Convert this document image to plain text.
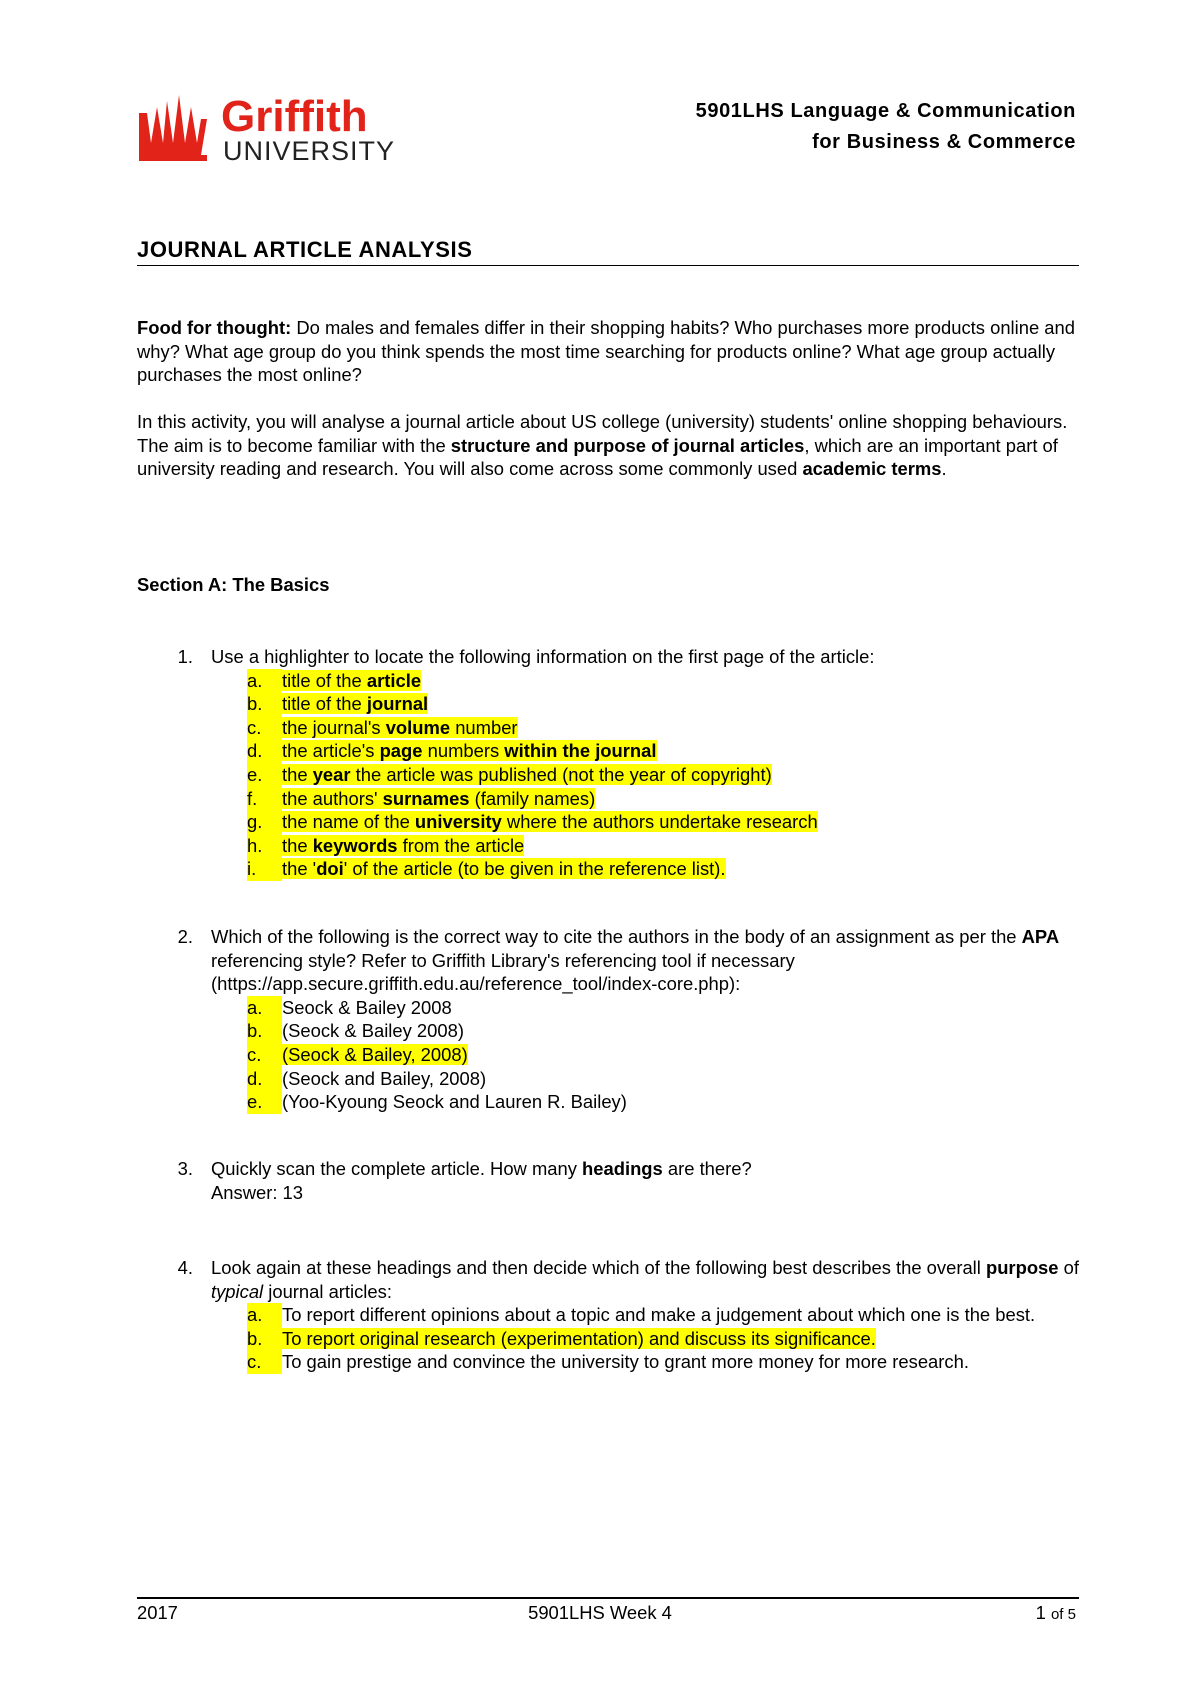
Griffith
UNIVERSITY
5901LHS Language & Communication
for Business & Commerce
JOURNAL ARTICLE ANALYSIS
Food for thought: Do males and females differ in their shopping habits? Who purchases more products online and why? What age group do you think spends the most time searching for products online? What age group actually purchases the most online?
In this activity, you will analyse a journal article about US college (university) students' online shopping behaviours. The aim is to become familiar with the structure and purpose of journal articles, which are an important part of university reading and research. You will also come across some commonly used academic terms.
Section A: The Basics
1. Use a highlighter to locate the following information on the first page of the article:
a.	title of the article
b.	title of the journal
c.	the journal's volume number
d.	the article's page numbers within the journal
e.	the year the article was published (not the year of copyright)
f.	the authors' surnames (family names)
g.	the name of the university where the authors undertake research
h.	the keywords from the article
i.	the 'doi' of the article (to be given in the reference list).
2. Which of the following is the correct way to cite the authors in the body of an assignment as per the APA referencing style? Refer to Griffith Library's referencing tool if necessary (https://app.secure.griffith.edu.au/reference_tool/index-core.php):
a.	Seock & Bailey 2008
b.	(Seock & Bailey 2008)
c.	(Seock & Bailey, 2008)
d.	(Seock and Bailey, 2008)
e.	(Yoo-Kyoung Seock and Lauren R. Bailey)
3. Quickly scan the complete article. How many headings are there?
Answer: 13
4. Look again at these headings and then decide which of the following best describes the overall purpose of typical journal articles:
a.	To report different opinions about a topic and make a judgement about which one is the best.
b.	To report original research (experimentation) and discuss its significance.
c.	To gain prestige and convince the university to grant more money for more research.
2017	5901LHS Week 4	1 of 5
